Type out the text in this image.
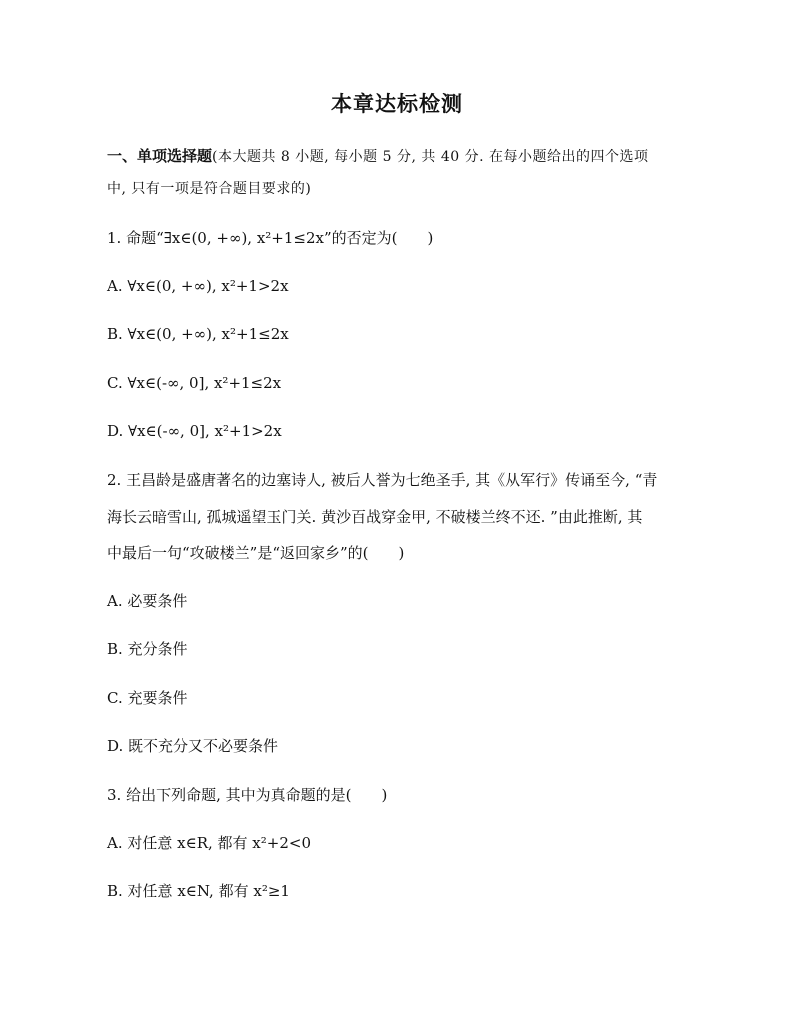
本章达标检测
一、单项选择题(本大题共 8 小题, 每小题 5 分, 共 40 分. 在每小题给出的四个选项
中, 只有一项是符合题目要求的)
1. 命题“∃x∈(0, +∞), x²+1≤2x”的否定为(　　)
A. ∀x∈(0, +∞), x²+1>2x
B. ∀x∈(0, +∞), x²+1≤2x
C. ∀x∈(-∞, 0], x²+1≤2x
D. ∀x∈(-∞, 0], x²+1>2x
2. 王昌龄是盛唐著名的边塞诗人, 被后人誉为七绝圣手, 其《从军行》传诵至今, “青
海长云暗雪山, 孤城遥望玉门关. 黄沙百战穿金甲, 不破楼兰终不还. ”由此推断, 其
中最后一句“攻破楼兰”是“返回家乡”的(　　)
A. 必要条件
B. 充分条件
C. 充要条件
D. 既不充分又不必要条件
3. 给出下列命题, 其中为真命题的是(　　)
A. 对任意 x∈R, 都有 x²+2<0
B. 对任意 x∈N, 都有 x²≥1
